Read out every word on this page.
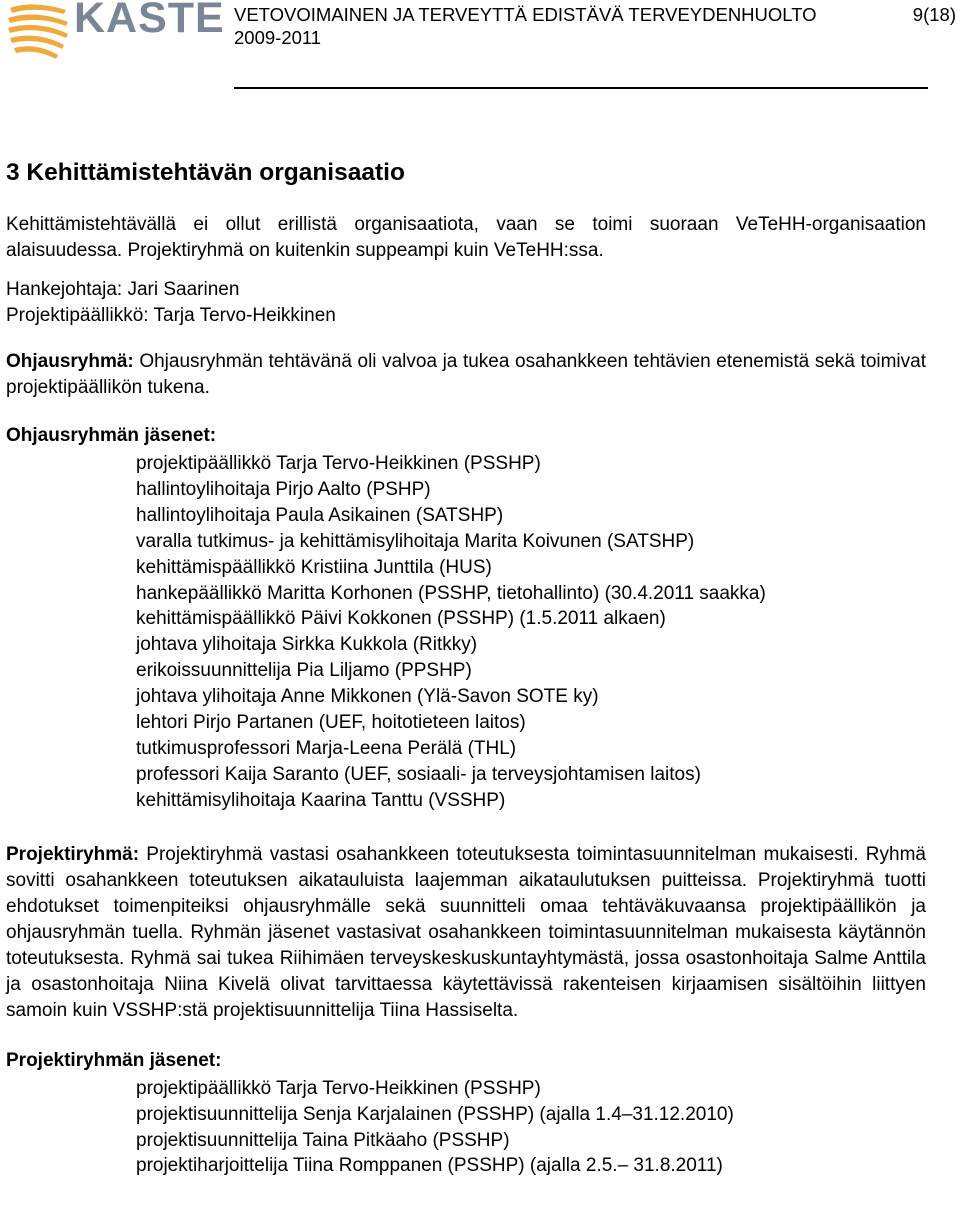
KASTE VETOVOIMAINEN JA TERVEYTTÄ EDISTÄVÄ TERVEYDENHUOLTO
2009-2011
9(18)
3 Kehittämistehtävän organisaatio

Kehittämistehtävällä ei ollut erillistä organisaatiota, vaan se toimi suoraan VeTeHH-organisaation alaisuudessa. Projektiryhmä on kuitenkin suppeampi kuin VeTeHH:ssa.

Hankejohtaja: Jari Saarinen

Projektipäällikkö: Tarja Tervo-Heikkinen

Ohjausryhmä: Ohjausryhmän tehtävänä oli valvoa ja tukea osahankkeen tehtävien etenemistä sekä toimivat projektipäällikön tukena.

Ohjausryhmän jäsenet:

projektipäällikkö Tarja Tervo-Heikkinen (PSSHP)
hallintoylihoitaja Pirjo Aalto (PSHP)
hallintoylihoitaja Paula Asikainen (SATSHP)
varalla tutkimus- ja kehittämisylihoitaja Marita Koivunen (SATSHP)
kehittämispäällikkö Kristiina Junttila (HUS)
hankepäällikkö Maritta Korhonen (PSSHP, tietohallinto) (30.4.2011 saakka)
kehittämispäällikkö Päivi Kokkonen (PSSHP) (1.5.2011 alkaen)
johtava ylihoitaja Sirkka Kukkola (Ritkky)
erikoissuunnittelija Pia Liljamo (PPSHP)
johtava ylihoitaja Anne Mikkonen (Ylä-Savon SOTE ky)
lehtori Pirjo Partanen (UEF, hoitotieteen laitos)
tutkimusprofessori Marja-Leena Perälä (THL)
professori Kaija Saranto (UEF, sosiaali- ja terveysjohtamisen laitos)
kehittämisylihoitaja Kaarina Tanttu (VSSHP)

Projektiryhmä: Projektiryhmä vastasi osahankkeen toteutuksesta toimintasuunnitelman mukaisesti. Ryhmä sovitti osahankkeen toteutuksen aikatauluista laajemman aikataulutuksen puitteissa. Projektiryhmä tuotti ehdotukset toimenpiteiksi ohjausryhmälle sekä suunnitteli omaa tehtäväkuvaansa projektipäällikön ja ohjausryhmän tuella. Ryhmän jäsenet vastasivat osahankkeen toimintasuunnitelman mukaisesta käytännön toteutuksesta. Ryhmä sai tukea Riihimäen terveyskeskuskuntayhtymästä, jossa osastonhoitaja Salme Anttila ja osastonhoitaja Niina Kivelä olivat tarvittaessa käytettävissä rakenteisen kirjaamisen sisältöihin liittyen samoin kuin VSSHP:stä projektisuunnittelija Tiina Hassiselta.

Projektiryhmän jäsenet:

projektipäällikkö Tarja Tervo-Heikkinen (PSSHP)
projektisuunnittelija Senja Karjalainen (PSSHP) (ajalla 1.4–31.12.2010)
projektisuunnittelija Taina Pitkäaho (PSSHP)
projektiharjoittelija Tiina Romppanen (PSSHP) (ajalla 2.5.– 31.8.2011)
